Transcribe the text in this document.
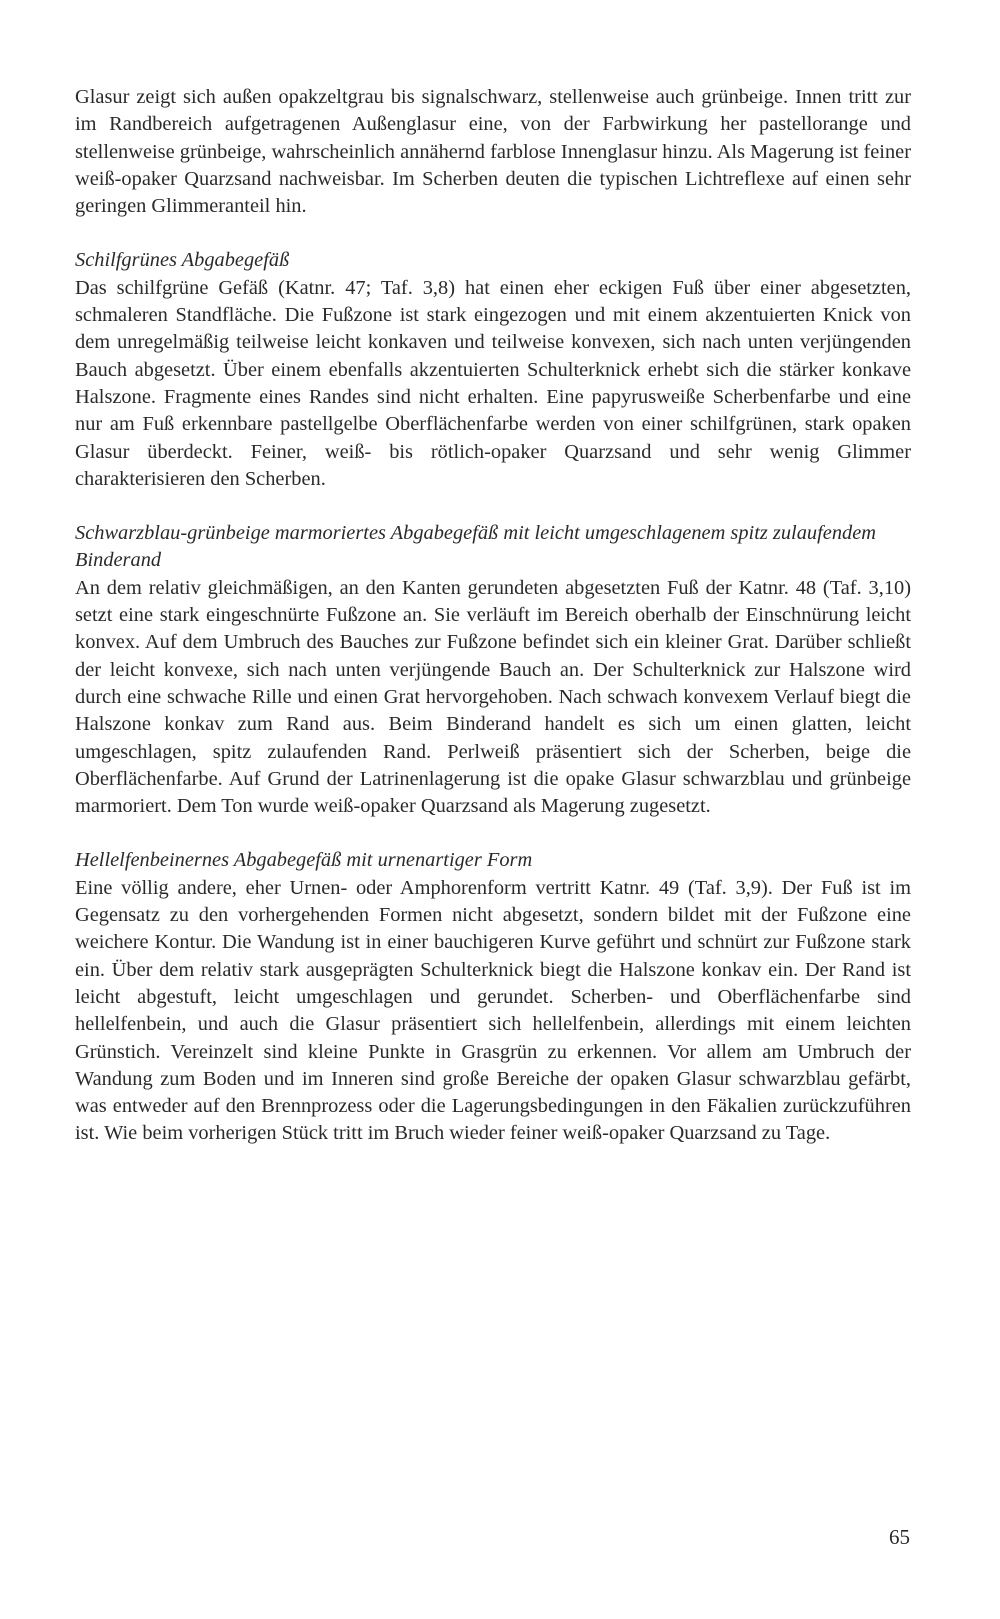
Glasur zeigt sich außen opakzeltgrau bis signalschwarz, stellenweise auch grünbeige. Innen tritt zur im Randbereich aufgetragenen Außenglasur eine, von der Farbwirkung her pastellorange und stellenweise grünbeige, wahrscheinlich annähernd farblose Innenglasur hinzu. Als Magerung ist feiner weiß-opaker Quarzsand nachweisbar. Im Scherben deuten die typischen Lichtreflexe auf einen sehr geringen Glimmeranteil hin.

Schilfgrünes Abgabegefäß

Das schilfgrüne Gefäß (Katnr. 47; Taf. 3,8) hat einen eher eckigen Fuß über einer abgesetzten, schmaleren Standfläche. Die Fußzone ist stark eingezogen und mit einem akzentuierten Knick von dem unregelmäßig teilweise leicht konkaven und teilweise konvexen, sich nach unten verjüngenden Bauch abgesetzt. Über einem ebenfalls akzentuierten Schulterknick erhebt sich die stärker konkave Halszone. Fragmente eines Randes sind nicht erhalten. Eine papyrusweiße Scherbenfarbe und eine nur am Fuß erkennbare pastellgelbe Oberflächenfarbe werden von einer schilfgrünen, stark opaken Glasur überdeckt. Feiner, weiß- bis rötlich-opaker Quarzsand und sehr wenig Glimmer charakterisieren den Scherben.

Schwarzblau-grünbeige marmoriertes Abgabegefäß mit leicht umgeschlagenem spitz zulaufendem Binderand

An dem relativ gleichmäßigen, an den Kanten gerundeten abgesetzten Fuß der Katnr. 48 (Taf. 3,10) setzt eine stark eingeschnürte Fußzone an. Sie verläuft im Bereich oberhalb der Einschnürung leicht konvex. Auf dem Umbruch des Bauches zur Fußzone befindet sich ein kleiner Grat. Darüber schließt der leicht konvexe, sich nach unten verjüngende Bauch an. Der Schulterknick zur Halszone wird durch eine schwache Rille und einen Grat hervorgehoben. Nach schwach konvexem Verlauf biegt die Halszone konkav zum Rand aus. Beim Binderand handelt es sich um einen glatten, leicht umgeschlagen, spitz zulaufenden Rand. Perlweiß präsentiert sich der Scherben, beige die Oberflächenfarbe. Auf Grund der Latrinenlagerung ist die opake Glasur schwarzblau und grünbeige marmoriert. Dem Ton wurde weiß-opaker Quarzsand als Magerung zugesetzt.

Hellelfenbeinernes Abgabegefäß mit urnenartiger Form

Eine völlig andere, eher Urnen- oder Amphorenform vertritt Katnr. 49 (Taf. 3,9). Der Fuß ist im Gegensatz zu den vorhergehenden Formen nicht abgesetzt, sondern bildet mit der Fußzone eine weichere Kontur. Die Wandung ist in einer bauchigeren Kurve geführt und schnürt zur Fußzone stark ein. Über dem relativ stark ausgeprägten Schulterknick biegt die Halszone konkav ein. Der Rand ist leicht abgestuft, leicht umgeschlagen und gerundet. Scherben- und Oberflächenfarbe sind hellelfenbein, und auch die Glasur präsentiert sich hellelfenbein, allerdings mit einem leichten Grünstich. Vereinzelt sind kleine Punkte in Grasgrün zu erkennen. Vor allem am Umbruch der Wandung zum Boden und im Inneren sind große Bereiche der opaken Glasur schwarzblau gefärbt, was entweder auf den Brennprozess oder die Lagerungsbedingungen in den Fäkalien zurückzuführen ist. Wie beim vorherigen Stück tritt im Bruch wieder feiner weiß-opaker Quarzsand zu Tage.

65
